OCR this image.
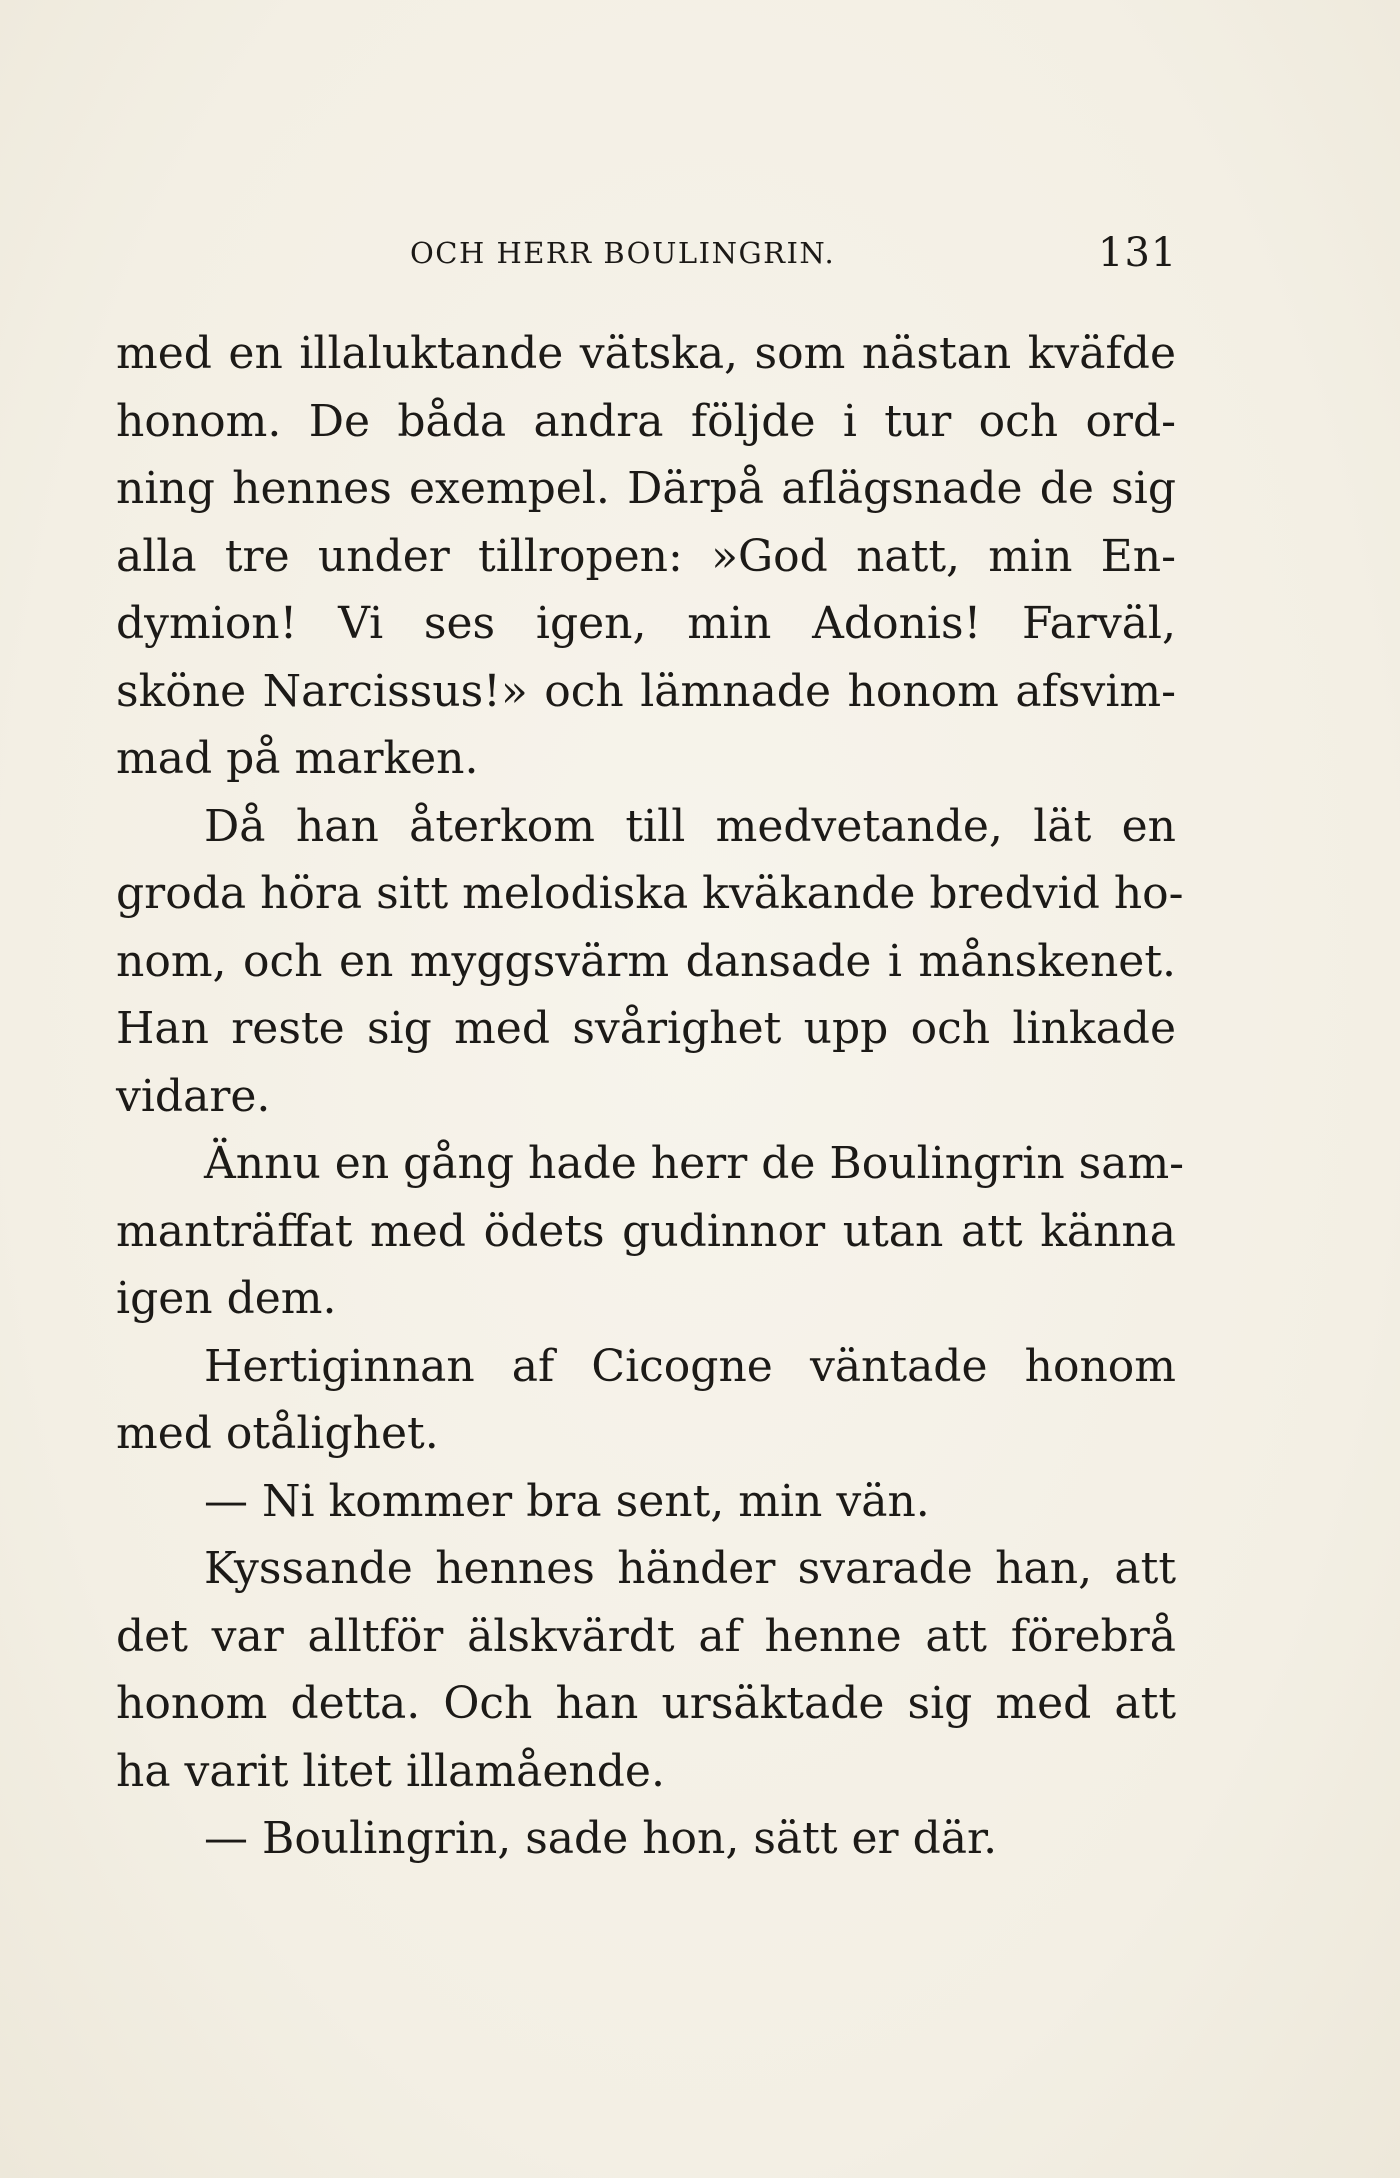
OCH HERR BOULINGRIN.	131
med en illaluktande vätska, som nästan kväfde
honom. De båda andra följde i tur och ord-
ning hennes exempel. Därpå aflägsnade de sig
alla tre under tillropen: »God natt, min En-
dymion! Vi ses igen, min Adonis! Farväl,
sköne Narcissus!» och lämnade honom afsvim-
mad på marken.
Då han återkom till medvetande, lät en
groda höra sitt melodiska kväkande bredvid ho-
nom, och en myggsvärm dansade i månskenet.
Han reste sig med svårighet upp och linkade
vidare.
Ännu en gång hade herr de Boulingrin sam-
manträffat med ödets gudinnor utan att känna
igen dem.
Hertiginnan af Cicogne väntade honom
med otålighet.
— Ni kommer bra sent, min vän.
Kyssande hennes händer svarade han, att
det var alltför älskvärdt af henne att förebrå
honom detta. Och han ursäktade sig med att
ha varit litet illamående.
— Boulingrin, sade hon, sätt er där.
